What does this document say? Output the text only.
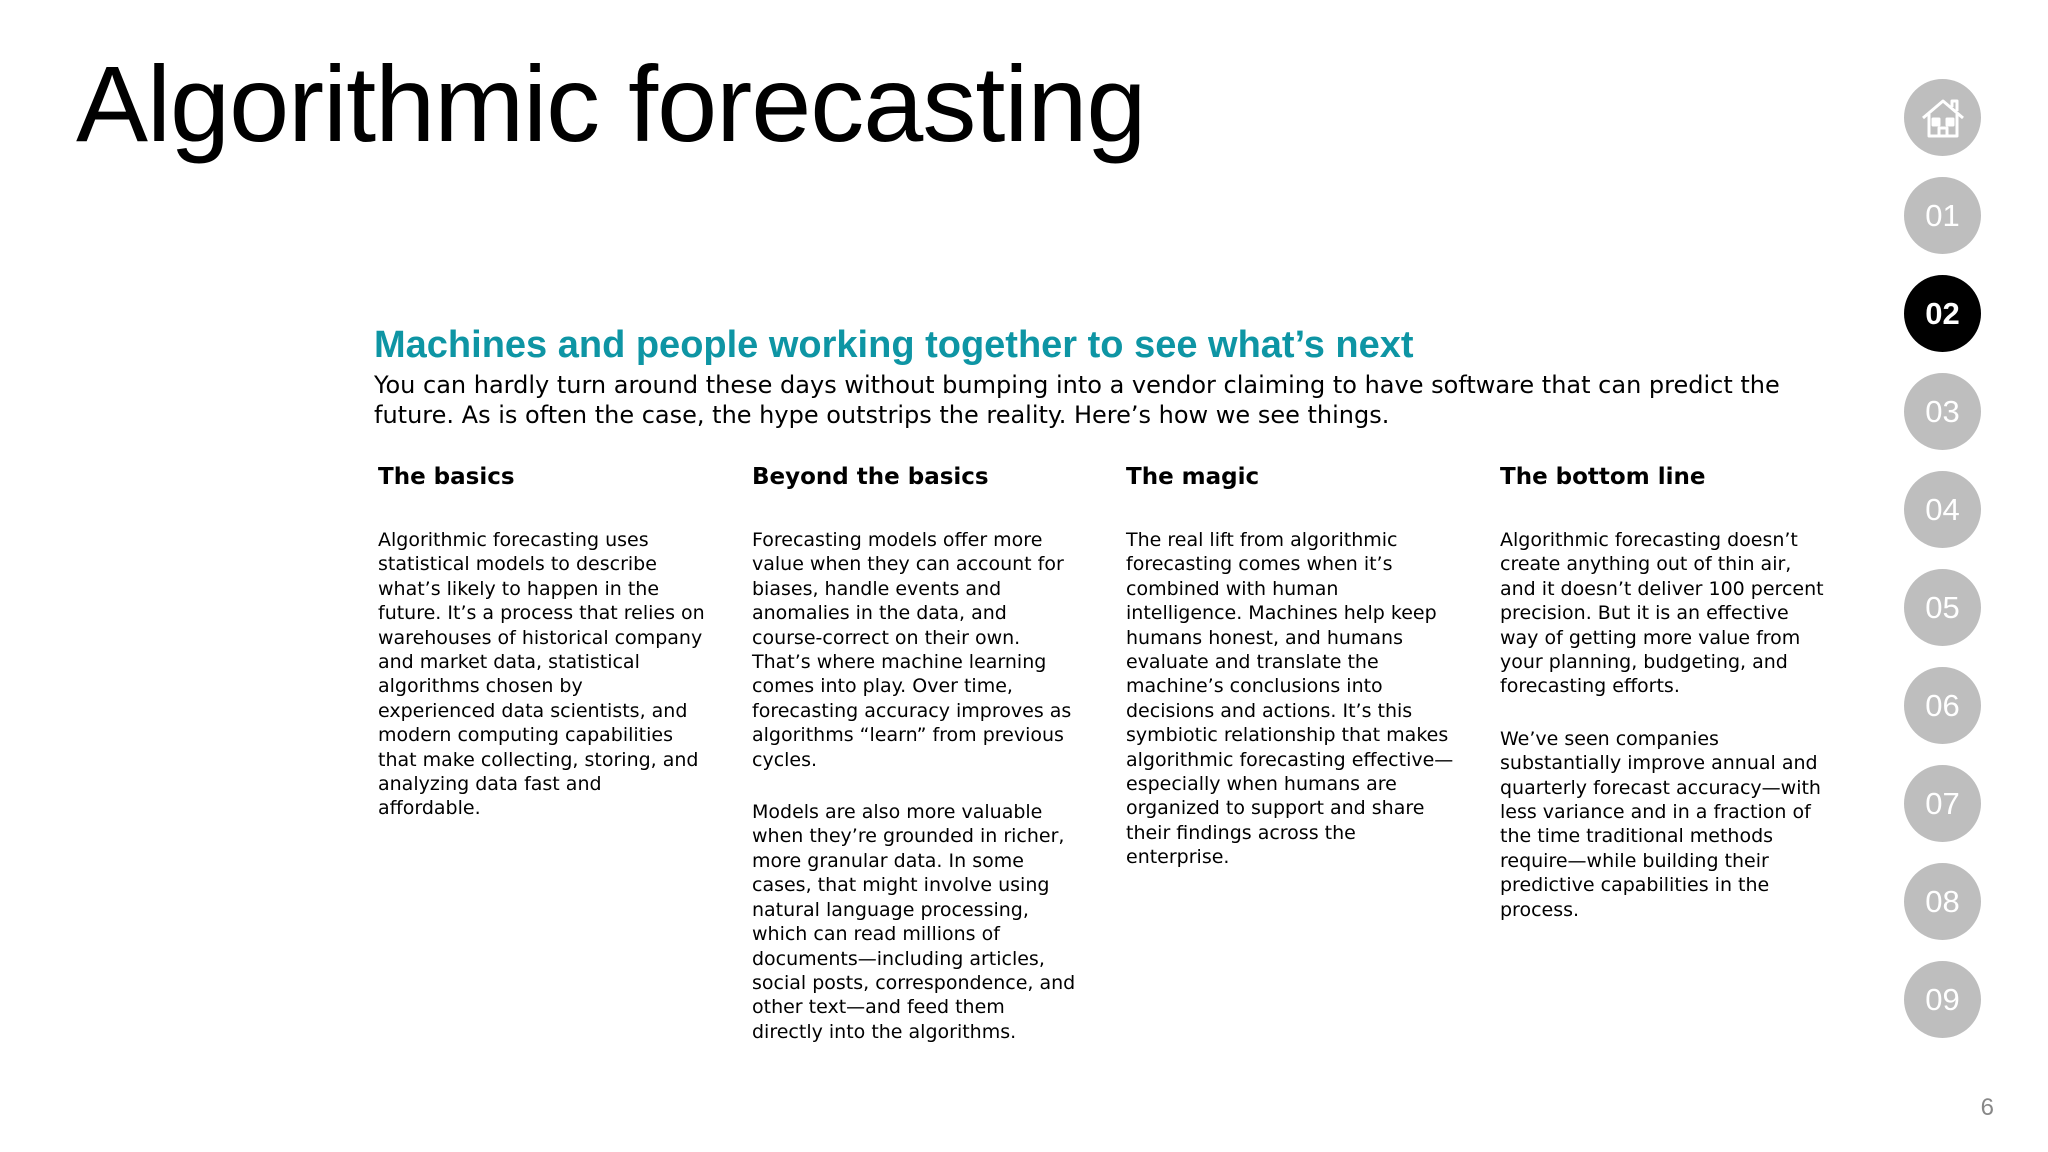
Algorithmic forecasting
Machines and people working together to see what’s next

You can hardly turn around these days without bumping into a vendor claiming to have software that can predict the future. As is often the case, the hype outstrips the reality. Here’s how we see things.

The basics

Algorithmic forecasting uses statistical models to describe what’s likely to happen in the future. It’s a process that relies on warehouses of historical company and market data, statistical algorithms chosen by experienced data scientists, and modern computing capabilities that make collecting, storing, and analyzing data fast and affordable.

Beyond the basics

Forecasting models offer more value when they can account for biases, handle events and anomalies in the data, and course-correct on their own. That’s where machine learning comes into play. Over time, forecasting accuracy improves as algorithms “learn” from previous cycles.

Models are also more valuable when they’re grounded in richer, more granular data. In some cases, that might involve using natural language processing, which can read millions of documents—including articles, social posts, correspondence, and other text—and feed them directly into the algorithms.

The magic

The real lift from algorithmic forecasting comes when it’s combined with human intelligence. Machines help keep humans honest, and humans evaluate and translate the machine’s conclusions into decisions and actions. It’s this symbiotic relationship that makes algorithmic forecasting effective—especially when humans are organized to support and share their findings across the enterprise.

The bottom line

Algorithmic forecasting doesn’t create anything out of thin air, and it doesn’t deliver 100 percent precision. But it is an effective way of getting more value from your planning, budgeting, and forecasting efforts.

We’ve seen companies substantially improve annual and quarterly forecast accuracy—with less variance and in a fraction of the time traditional methods require—while building their predictive capabilities in the process.

01
02
03
04
05
06
07
08
09
6
